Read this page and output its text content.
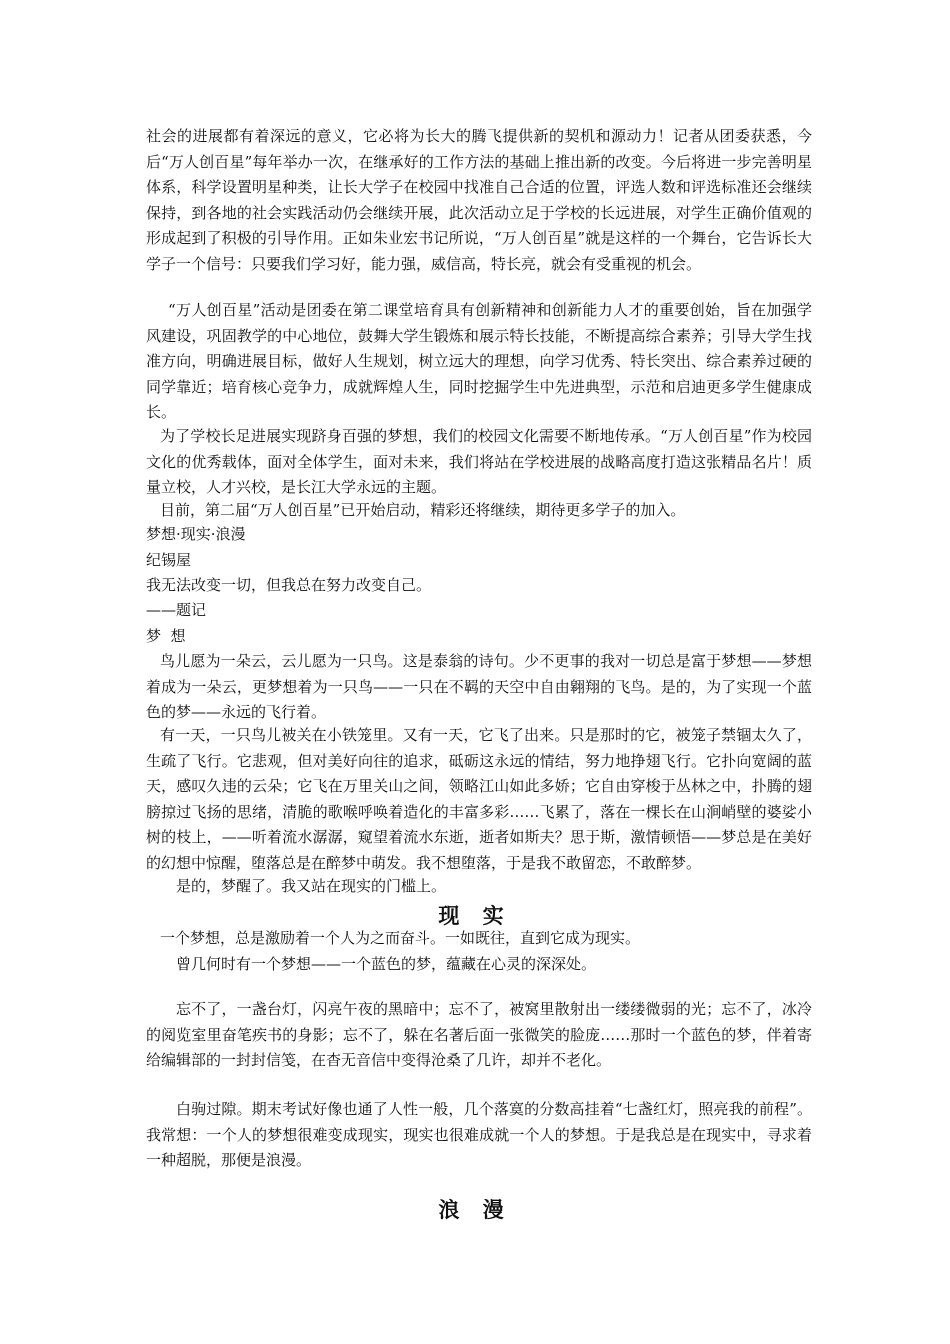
社会的进展都有着深远的意义，它必将为长大的腾飞提供新的契机和源动力！记者从团委获悉，今后“万人创百星”每年举办一次，在继承好的工作方法的基础上推出新的改变。今后将进一步完善明星体系，科学设置明星种类，让长大学子在校园中找准自己合适的位置，评选人数和评选标准还会继续保持，到各地的社会实践活动仍会继续开展，此次活动立足于学校的长远进展，对学生正确价值观的形成起到了积极的引导作用。正如朱业宏书记所说，“万人创百星”就是这样的一个舞台，它告诉长大学子一个信号：只要我们学习好，能力强，威信高，特长亮，就会有受重视的机会。

“万人创百星”活动是团委在第二课堂培育具有创新精神和创新能力人才的重要创始，旨在加强学风建设，巩固教学的中心地位，鼓舞大学生锻炼和展示特长技能，不断提高综合素养；引导大学生找准方向，明确进展目标，做好人生规划，树立远大的理想，向学习优秀、特长突出、综合素养过硬的同学靠近；培育核心竞争力，成就辉煌人生，同时挖掘学生中先进典型，示范和启迪更多学生健康成长。

为了学校长足进展实现跻身百强的梦想，我们的校园文化需要不断地传承。“万人创百星”作为校园文化的优秀载体，面对全体学生，面对未来，我们将站在学校进展的战略高度打造这张精品名片！质量立校，人才兴校，是长江大学永远的主题。

目前，第二届“万人创百星”已开始启动，精彩还将继续，期待更多学子的加入。

梦想·现实·浪漫

纪锡屋

我无法改变一切，但我总在努力改变自己。

——题记

梦  想

鸟儿愿为一朵云，云儿愿为一只鸟。这是泰翁的诗句。少不更事的我对一切总是富于梦想——梦想着成为一朵云，更梦想着为一只鸟——一只在不羁的天空中自由翱翔的飞鸟。是的，为了实现一个蓝色的梦——永远的飞行着。

有一天，一只鸟儿被关在小铁笼里。又有一天，它飞了出来。只是那时的它，被笼子禁锢太久了，生疏了飞行。它悲观，但对美好向往的追求，砥砺这永远的情结，努力地挣翅飞行。它扑向宽阔的蓝天，感叹久违的云朵；它飞在万里关山之间，领略江山如此多娇；它自由穿梭于丛林之中，扑腾的翅膀掠过飞扬的思绪，清脆的歌喉呼唤着造化的丰富多彩……飞累了，落在一棵长在山涧峭壁的婆娑小树的枝上，——听着流水潺潺，窥望着流水东逝，逝者如斯夫？思于斯，激情顿悟——梦总是在美好的幻想中惊醒，堕落总是在醉梦中萌发。我不想堕落，于是我不敢留恋，不敢醉梦。

是的，梦醒了。我又站在现实的门槛上。

现 实

一个梦想，总是激励着一个人为之而奋斗。一如既往，直到它成为现实。

曾几何时有一个梦想——一个蓝色的梦，蕴藏在心灵的深深处。

忘不了，一盏台灯，闪亮午夜的黑暗中；忘不了，被窝里散射出一缕缕微弱的光；忘不了，冰冷的阅览室里奋笔疾书的身影；忘不了，躲在名著后面一张微笑的脸庞……那时一个蓝色的梦，伴着寄给编辑部的一封封信笺，在杳无音信中变得沧桑了几许，却并不老化。

白驹过隙。期末考试好像也通了人性一般，几个落寞的分数高挂着“七盏红灯，照亮我的前程”。我常想：一个人的梦想很难变成现实，现实也很难成就一个人的梦想。于是我总是在现实中，寻求着一种超脱，那便是浪漫。

浪 漫
